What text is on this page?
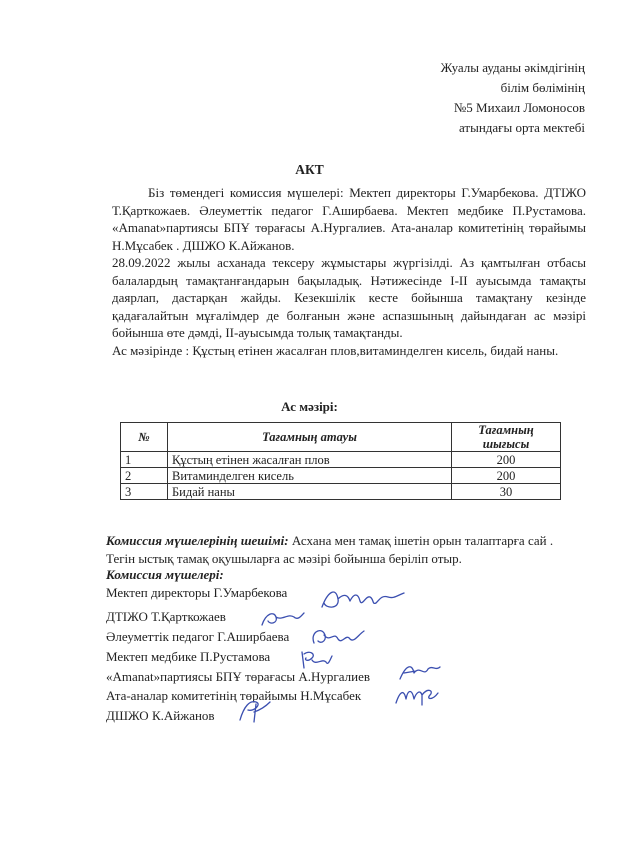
Жуалы ауданы әкімдігінің
білім бөлімінің
№5 Михаил Ломоносов
атындағы орта мектебі
АКТ

Біз төмендегі комиссия мүшелері: Мектеп директоры Г.Умарбекова. ДТІЖО Т.Қарткожаев. Әлеуметтік педагог Г.Аширбаева. Мектеп медбике П.Рустамова. «Amanat»партиясы БПҰ төрағасы А.Нургалиев. Ата-аналар комитетінің төрайымы Н.Мұсабек . ДШЖО К.Айжанов.

28.09.2022 жылы асханада тексеру жұмыстары жүргізілді. Аз қамтылған отбасы балалардың тамақтанғандарын бақыладық. Нәтижесінде I-II ауысымда тамақты даярлап, дастарқан жайды. Кезекшілік кесте бойынша тамақтану кезінде қадағалайтын мұғалімдер де болғанын және аспазшының дайындаған ас мәзірі бойынша өте дәмді, II-ауысымда толық тамақтанды.

Ас мәзірінде : Құстың етінен жасалған плов,витаминделген кисель, бидай наны.

Ас мәзірі:
№	Тағамның атауы	Тағамның шығысы
1	Құстың етінен жасалған плов	200
2	Витаминделген кисель	200
3	Бидай наны	30
Комиссия мүшелерінің шешімі: Асхана мен тамақ ішетін орын талаптарға сай . Тегін ыстық тамақ оқушыларға ас мәзірі бойынша беріліп отыр.
Комиссия мүшелері:
Мектеп директоры Г.Умарбекова
ДТІЖО Т.Қарткожаев
Әлеуметтік педагог Г.Аширбаева
Мектеп медбике П.Рустамова
«Amanat»партиясы БПҰ төрағасы А.Нургалиев
Ата-аналар комитетінің төрайымы Н.Мұсабек
ДШЖО К.Айжанов
